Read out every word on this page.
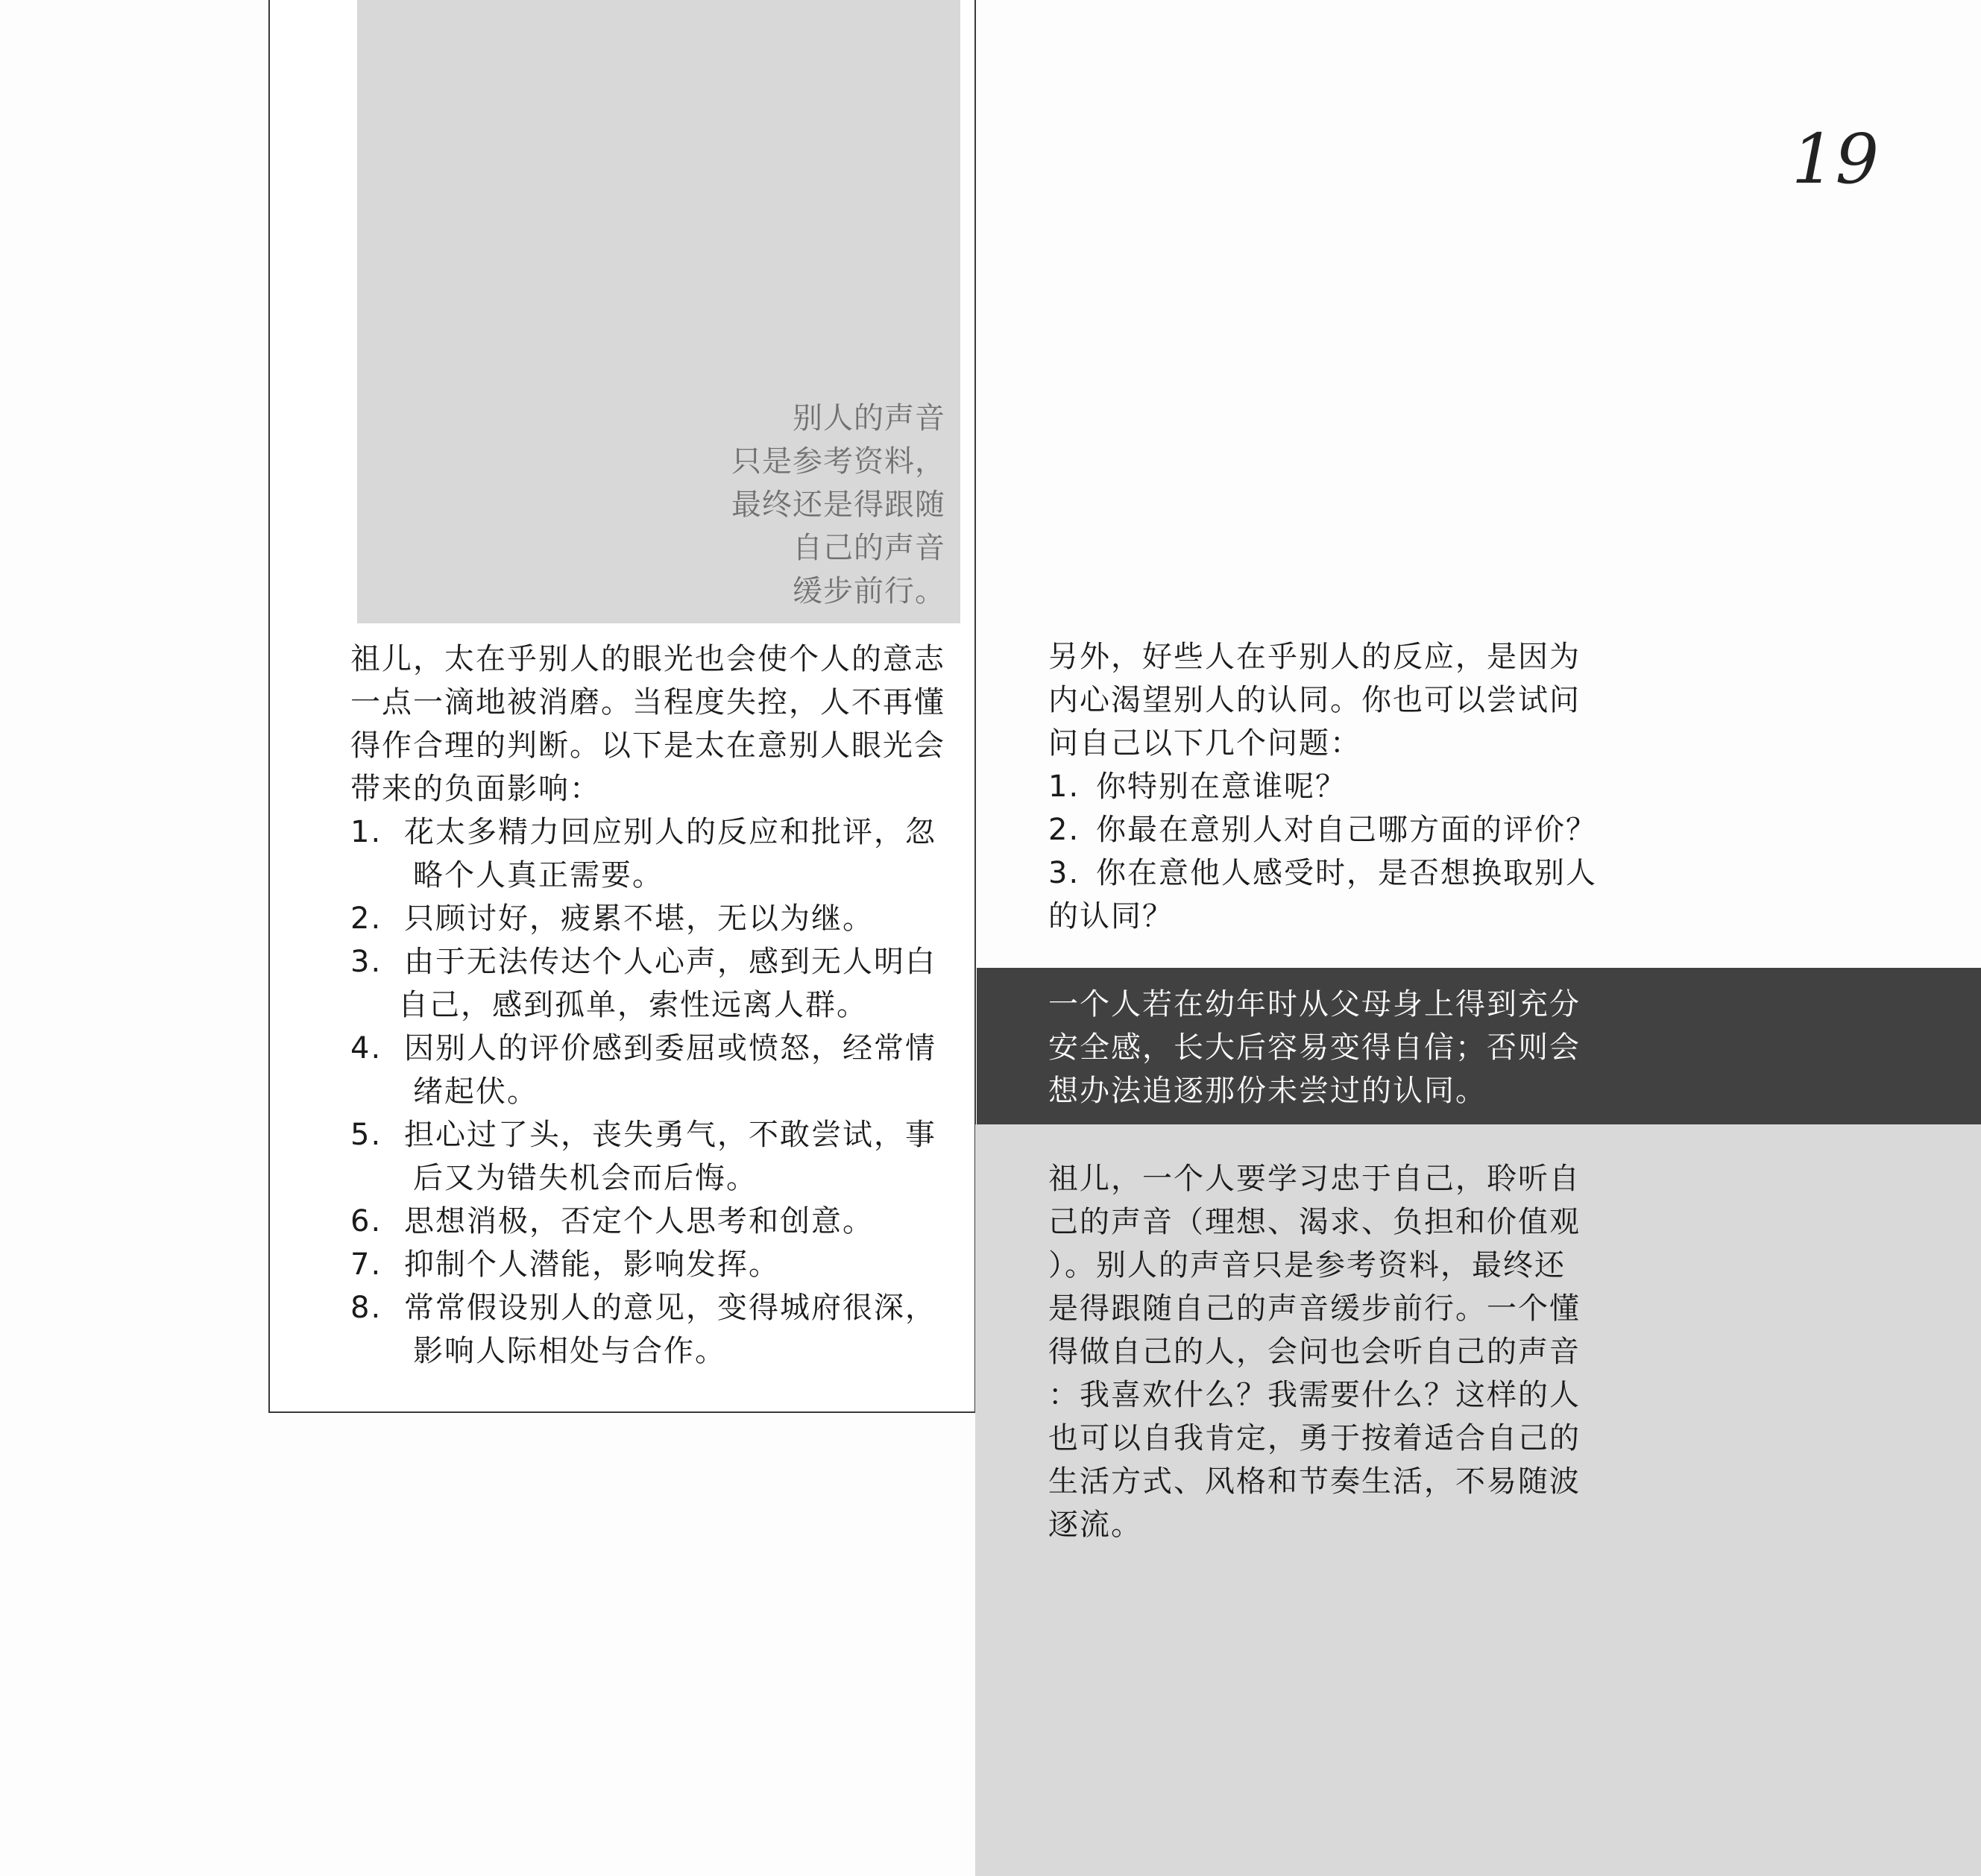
19
别人的声音
只是参考资料，
最终还是得跟随
自己的声音
缓步前行。
祖儿，太在乎别人的眼光也会使个人的意志
一点一滴地被消磨。当程度失控，人不再懂
得作合理的判断。以下是太在意别人眼光会
带来的负面影响：
1. 花太多精力回应别人的反应和批评，忽
略个人真正需要。
2. 只顾讨好，疲累不堪，无以为继。
3. 由于无法传达个人心声，感到无人明白
自己，感到孤单，索性远离人群。
4. 因别人的评价感到委屈或愤怒，经常情
绪起伏。
5. 担心过了头，丧失勇气，不敢尝试，事
后又为错失机会而后悔。
6. 思想消极，否定个人思考和创意。
7. 抑制个人潜能，影响发挥。
8. 常常假设别人的意见，变得城府很深，
影响人际相处与合作。
另外，好些人在乎别人的反应，是因为
内心渴望别人的认同。你也可以尝试问
问自己以下几个问题：
1. 你特别在意谁呢？
2. 你最在意别人对自己哪方面的评价？
3. 你在意他人感受时，是否想换取别人
的认同？
一个人若在幼年时从父母身上得到充分
安全感，长大后容易变得自信；否则会
想办法追逐那份未尝过的认同。
祖儿，一个人要学习忠于自己，聆听自
己的声音（理想、渴求、负担和价值观
）。别人的声音只是参考资料，最终还
是得跟随自己的声音缓步前行。一个懂
得做自己的人，会问也会听自己的声音
：我喜欢什么？我需要什么？这样的人
也可以自我肯定，勇于按着适合自己的
生活方式、风格和节奏生活，不易随波
逐流。
